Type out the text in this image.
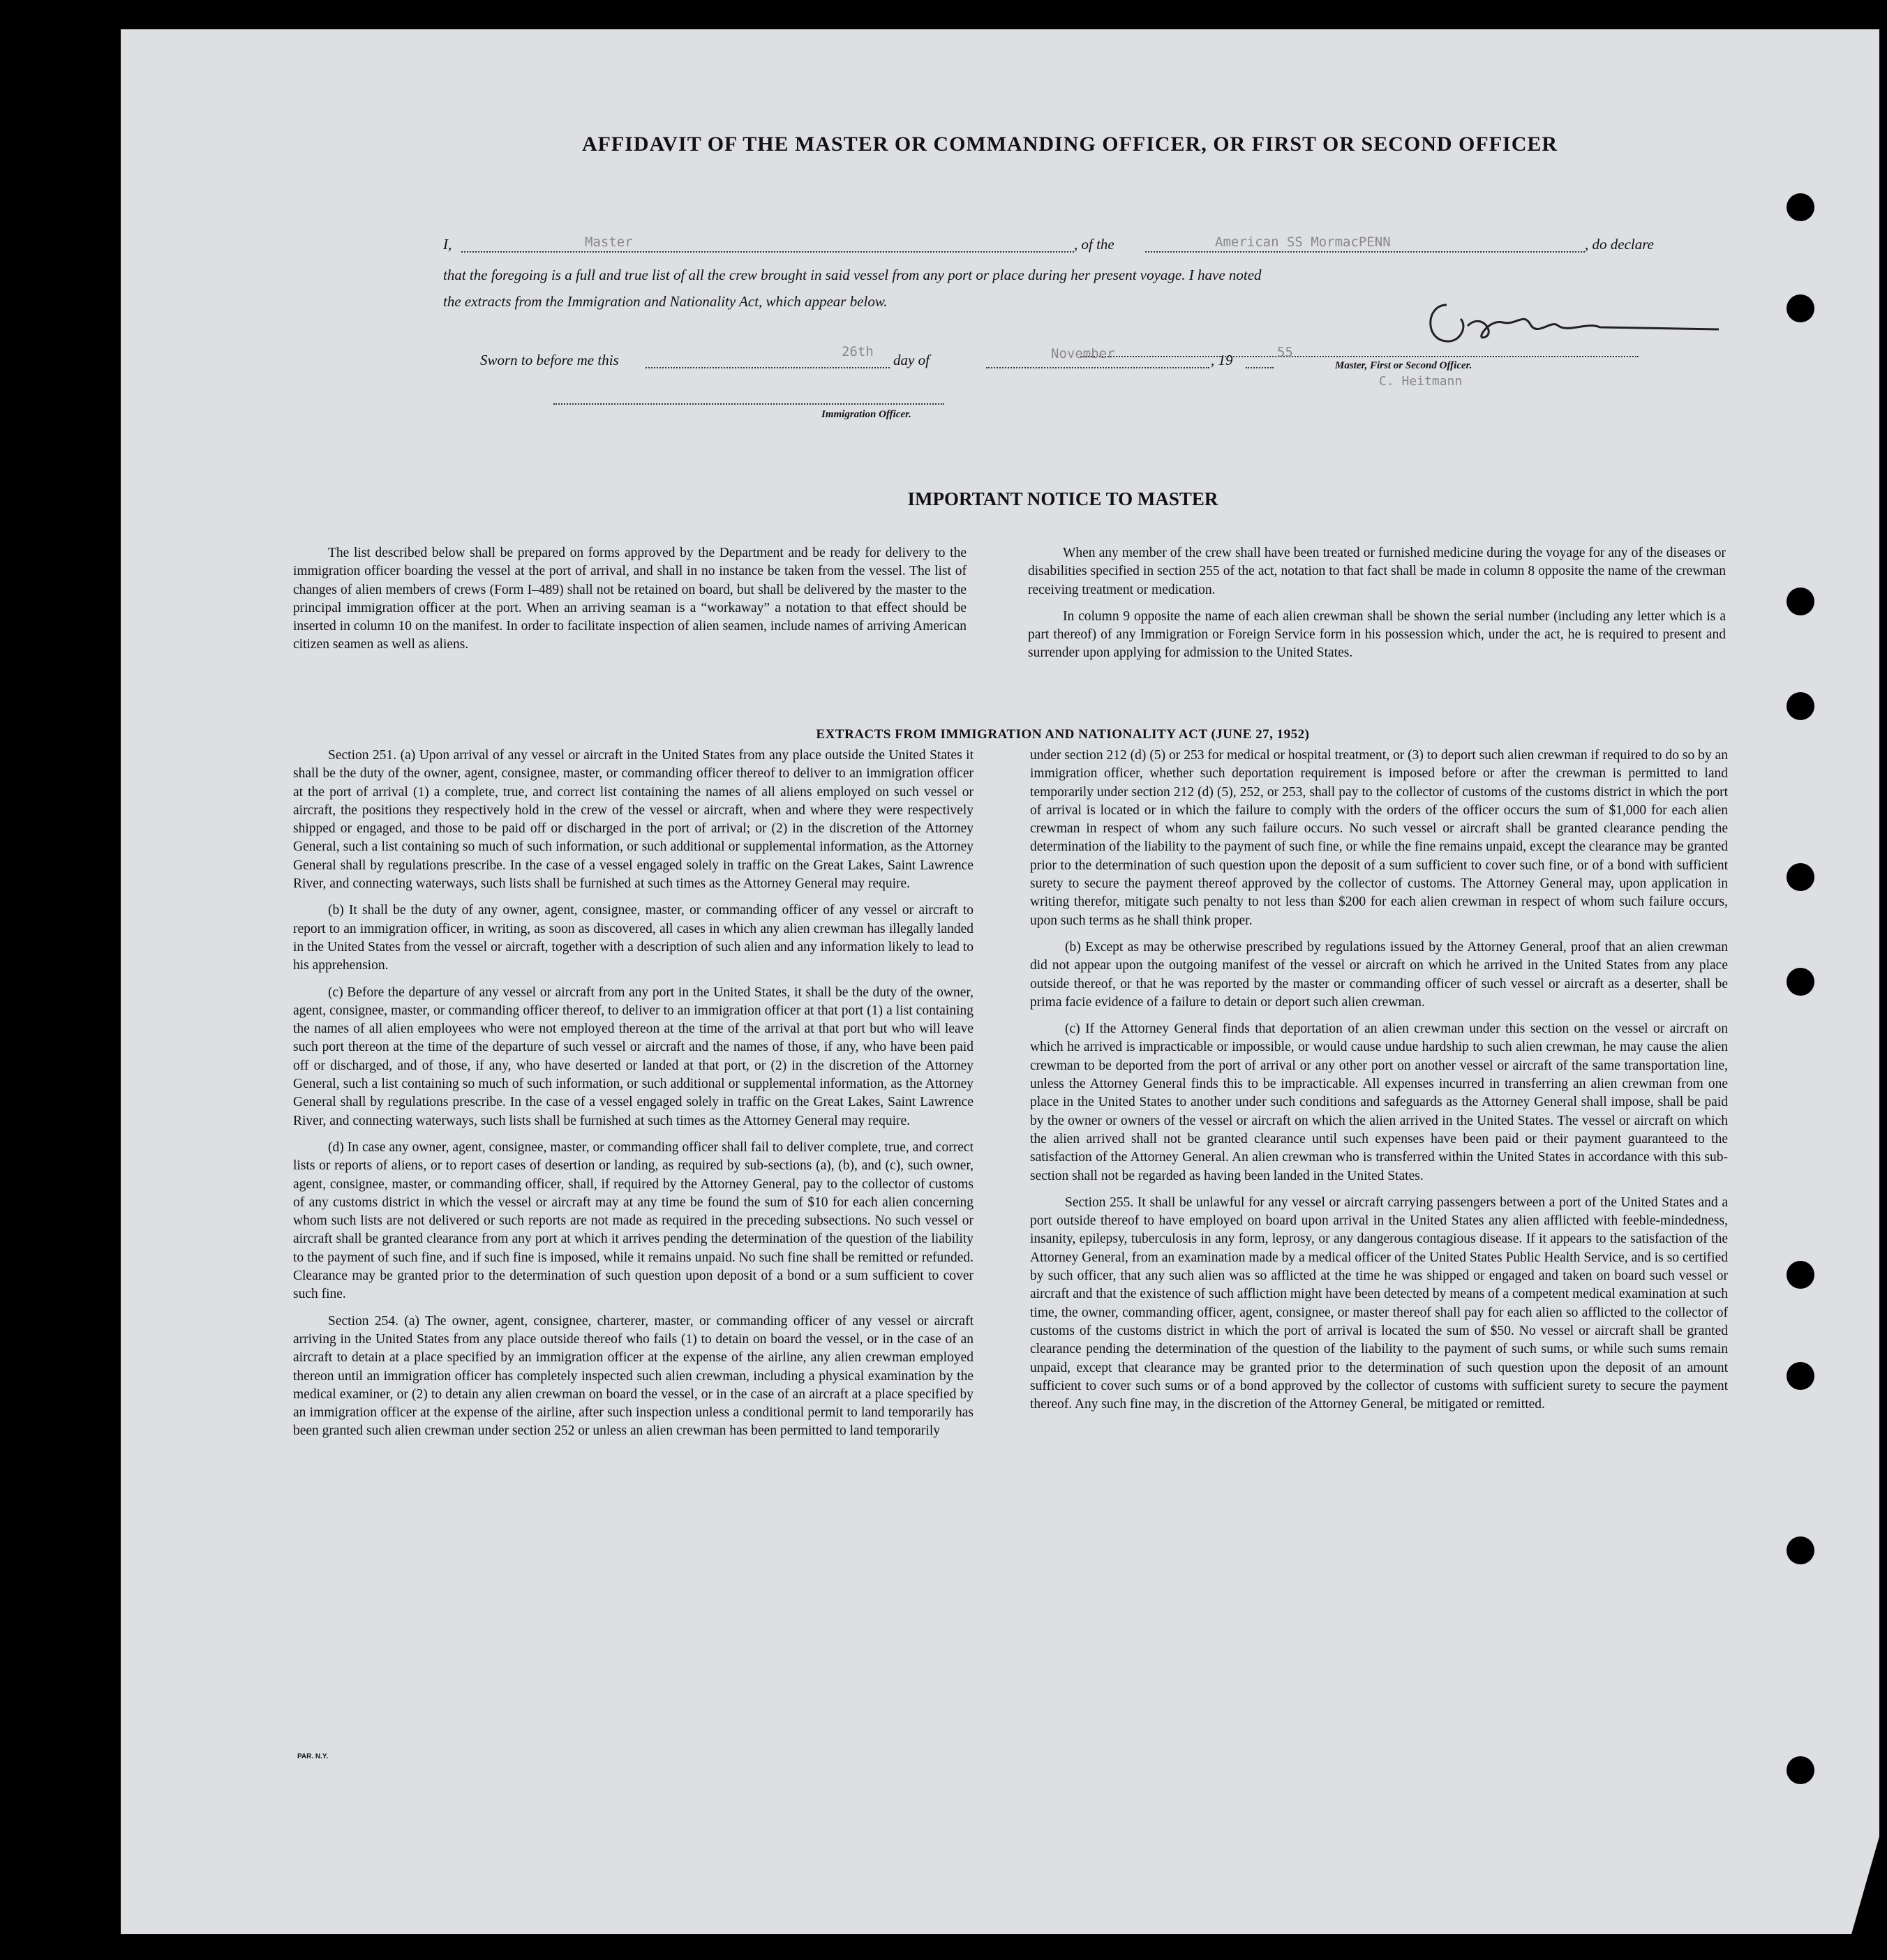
AFFIDAVIT OF THE MASTER OR COMMANDING OFFICER, OR FIRST OR SECOND OFFICER
I,	Master	, of the	American SS MormacPENN	, do declare
that the foregoing is a full and true list of all the crew brought in said vessel from any port or place during her present voyage. I have noted
the extracts from the Immigration and Nationality Act, which appear below.
Master, First or Second Officer.
C. Heitmann
Sworn to before me this	26th day of	November	, 19	55
Immigration Officer.
IMPORTANT NOTICE TO MASTER

The list described below shall be prepared on forms approved by the Department and be ready for delivery to the immigration officer boarding the vessel at the port of arrival, and shall in no instance be taken from the vessel. The list of changes of alien members of crews (Form I–489) shall not be retained on board, but shall be delivered by the master to the principal immigration officer at the port. When an arriving seaman is a “workaway” a notation to that effect should be inserted in column 10 on the manifest. In order to facilitate inspection of alien seamen, include names of arriving American citizen seamen as well as aliens.

When any member of the crew shall have been treated or furnished medicine during the voyage for any of the diseases or disabilities specified in section 255 of the act, notation to that fact shall be made in column 8 opposite the name of the crewman receiving treatment or medication.

In column 9 opposite the name of each alien crewman shall be shown the serial number (including any letter which is a part thereof) of any Immigration or Foreign Service form in his possession which, under the act, he is required to present and surrender upon applying for admission to the United States.

EXTRACTS FROM IMMIGRATION AND NATIONALITY ACT (JUNE 27, 1952)

Section 251. (a) Upon arrival of any vessel or aircraft in the United States from any place outside the United States it shall be the duty of the owner, agent, consignee, master, or commanding officer thereof to deliver to an immigration officer at the port of arrival (1) a complete, true, and correct list containing the names of all aliens employed on such vessel or aircraft, the positions they respectively hold in the crew of the vessel or aircraft, when and where they were respectively shipped or engaged, and those to be paid off or discharged in the port of arrival; or (2) in the discretion of the Attorney General, such a list containing so much of such information, or such additional or supplemental information, as the Attorney General shall by regulations prescribe. In the case of a vessel engaged solely in traffic on the Great Lakes, Saint Lawrence River, and connecting waterways, such lists shall be furnished at such times as the Attorney General may require.

(b) It shall be the duty of any owner, agent, consignee, master, or commanding officer of any vessel or aircraft to report to an immigration officer, in writing, as soon as discovered, all cases in which any alien crewman has illegally landed in the United States from the vessel or aircraft, together with a description of such alien and any information likely to lead to his apprehension.

(c) Before the departure of any vessel or aircraft from any port in the United States, it shall be the duty of the owner, agent, consignee, master, or commanding officer thereof, to deliver to an immigration officer at that port (1) a list containing the names of all alien employees who were not employed thereon at the time of the arrival at that port but who will leave such port thereon at the time of the departure of such vessel or aircraft and the names of those, if any, who have been paid off or discharged, and of those, if any, who have deserted or landed at that port, or (2) in the discretion of the Attorney General, such a list containing so much of such information, or such additional or supplemental information, as the Attorney General shall by regulations prescribe. In the case of a vessel engaged solely in traffic on the Great Lakes, Saint Lawrence River, and connecting waterways, such lists shall be furnished at such times as the Attorney General may require.

(d) In case any owner, agent, consignee, master, or commanding officer shall fail to deliver complete, true, and correct lists or reports of aliens, or to report cases of desertion or landing, as required by sub-sections (a), (b), and (c), such owner, agent, consignee, master, or commanding officer, shall, if required by the Attorney General, pay to the collector of customs of any customs district in which the vessel or aircraft may at any time be found the sum of $10 for each alien concerning whom such lists are not delivered or such reports are not made as required in the preceding subsections. No such vessel or aircraft shall be granted clearance from any port at which it arrives pending the determination of the question of the liability to the payment of such fine, and if such fine is imposed, while it remains unpaid. No such fine shall be remitted or refunded. Clearance may be granted prior to the determination of such question upon deposit of a bond or a sum sufficient to cover such fine.

Section 254. (a) The owner, agent, consignee, charterer, master, or commanding officer of any vessel or aircraft arriving in the United States from any place outside thereof who fails (1) to detain on board the vessel, or in the case of an aircraft to detain at a place specified by an immigration officer at the expense of the airline, any alien crewman employed thereon until an immigration officer has completely inspected such alien crewman, including a physical examination by the medical examiner, or (2) to detain any alien crewman on board the vessel, or in the case of an aircraft at a place specified by an immigration officer at the expense of the airline, after such inspection unless a conditional permit to land temporarily has been granted such alien crewman under section 252 or unless an alien crewman has been permitted to land temporarily

under section 212 (d) (5) or 253 for medical or hospital treatment, or (3) to deport such alien crewman if required to do so by an immigration officer, whether such deportation requirement is imposed before or after the crewman is permitted to land temporarily under section 212 (d) (5), 252, or 253, shall pay to the collector of customs of the customs district in which the port of arrival is located or in which the failure to comply with the orders of the officer occurs the sum of $1,000 for each alien crewman in respect of whom any such failure occurs. No such vessel or aircraft shall be granted clearance pending the determination of the liability to the payment of such fine, or while the fine remains unpaid, except the clearance may be granted prior to the determination of such question upon the deposit of a sum sufficient to cover such fine, or of a bond with sufficient surety to secure the payment thereof approved by the collector of customs. The Attorney General may, upon application in writing therefor, mitigate such penalty to not less than $200 for each alien crewman in respect of whom such failure occurs, upon such terms as he shall think proper.

(b) Except as may be otherwise prescribed by regulations issued by the Attorney General, proof that an alien crewman did not appear upon the outgoing manifest of the vessel or aircraft on which he arrived in the United States from any place outside thereof, or that he was reported by the master or commanding officer of such vessel or aircraft as a deserter, shall be prima facie evidence of a failure to detain or deport such alien crewman.

(c) If the Attorney General finds that deportation of an alien crewman under this section on the vessel or aircraft on which he arrived is impracticable or impossible, or would cause undue hardship to such alien crewman, he may cause the alien crewman to be deported from the port of arrival or any other port on another vessel or aircraft of the same transportation line, unless the Attorney General finds this to be impracticable. All expenses incurred in transferring an alien crewman from one place in the United States to another under such conditions and safeguards as the Attorney General shall impose, shall be paid by the owner or owners of the vessel or aircraft on which the alien arrived in the United States. The vessel or aircraft on which the alien arrived shall not be granted clearance until such expenses have been paid or their payment guaranteed to the satisfaction of the Attorney General. An alien crewman who is transferred within the United States in accordance with this sub-section shall not be regarded as having been landed in the United States.

Section 255. It shall be unlawful for any vessel or aircraft carrying passengers between a port of the United States and a port outside thereof to have employed on board upon arrival in the United States any alien afflicted with feeble-mindedness, insanity, epilepsy, tuberculosis in any form, leprosy, or any dangerous contagious disease. If it appears to the satisfaction of the Attorney General, from an examination made by a medical officer of the United States Public Health Service, and is so certified by such officer, that any such alien was so afflicted at the time he was shipped or engaged and taken on board such vessel or aircraft and that the existence of such affliction might have been detected by means of a competent medical examination at such time, the owner, commanding officer, agent, consignee, or master thereof shall pay for each alien so afflicted to the collector of customs of the customs district in which the port of arrival is located the sum of $50. No vessel or aircraft shall be granted clearance pending the determination of the question of the liability to the payment of such sums, or while such sums remain unpaid, except that clearance may be granted prior to the determination of such question upon the deposit of an amount sufficient to cover such sums or of a bond approved by the collector of customs with sufficient surety to secure the payment thereof. Any such fine may, in the discretion of the Attorney General, be mitigated or remitted.

PAR. N.Y.
